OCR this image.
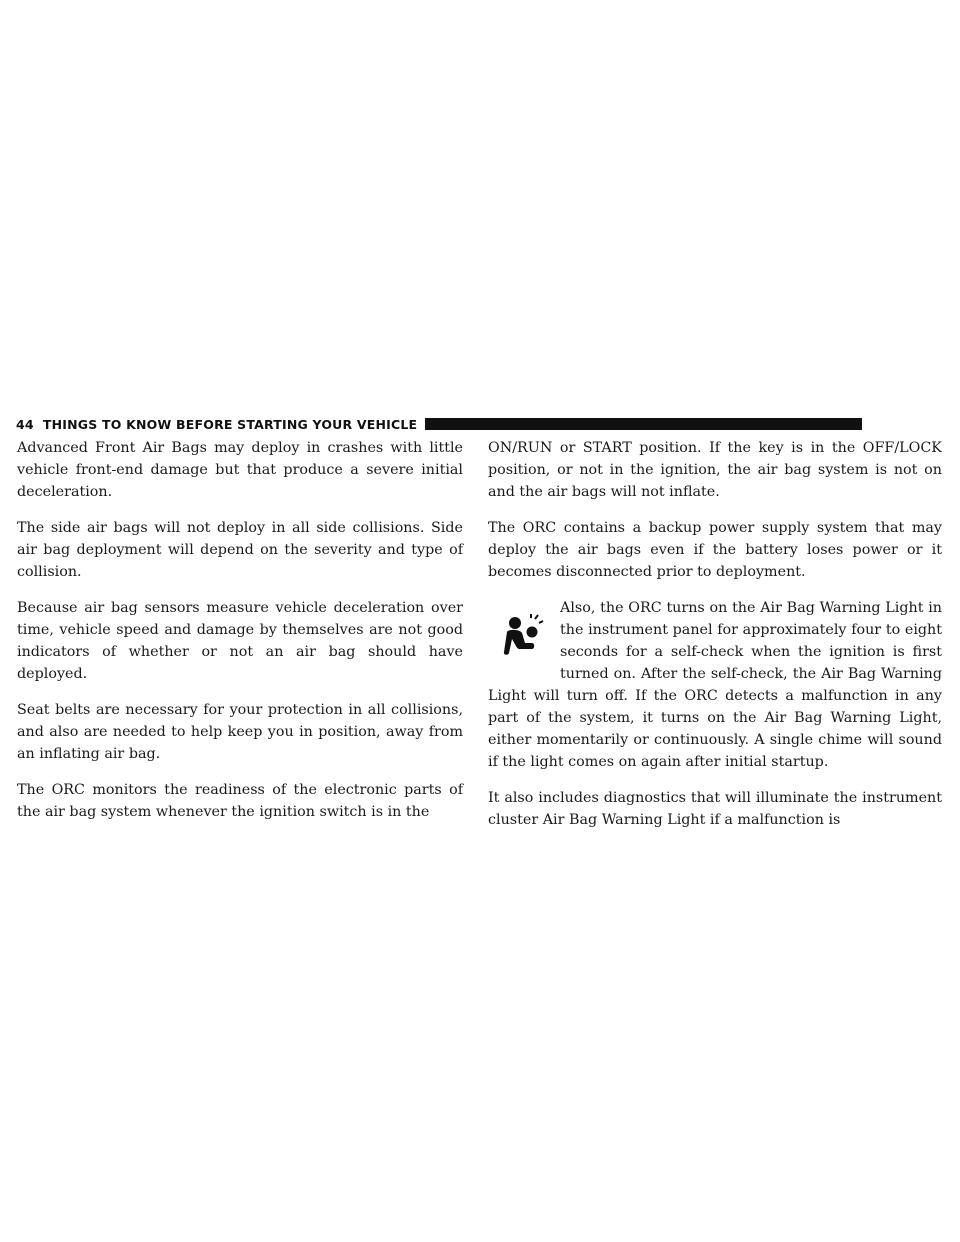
44 THINGS TO KNOW BEFORE STARTING YOUR VEHICLE

Advanced Front Air Bags may deploy in crashes with little vehicle front-end damage but that produce a severe initial deceleration.

The side air bags will not deploy in all side collisions. Side air bag deployment will depend on the severity and type of collision.

Because air bag sensors measure vehicle deceleration over time, vehicle speed and damage by themselves are not good indicators of whether or not an air bag should have deployed.

Seat belts are necessary for your protection in all collisions, and also are needed to help keep you in position, away from an inflating air bag.

The ORC monitors the readiness of the electronic parts of the air bag system whenever the ignition switch is in the

ON/RUN or START position. If the key is in the OFF/LOCK position, or not in the ignition, the air bag system is not on and the air bags will not inflate.

The ORC contains a backup power supply system that may deploy the air bags even if the battery loses power or it becomes disconnected prior to deployment.

Also, the ORC turns on the Air Bag Warning Light in the instrument panel for approximately four to eight seconds for a self-check when the ignition is first turned on. After the self-check, the Air Bag Warning Light will turn off. If the ORC detects a malfunction in any part of the system, it turns on the Air Bag Warning Light, either momentarily or continuously. A single chime will sound if the light comes on again after initial startup.

It also includes diagnostics that will illuminate the instrument cluster Air Bag Warning Light if a malfunction is
